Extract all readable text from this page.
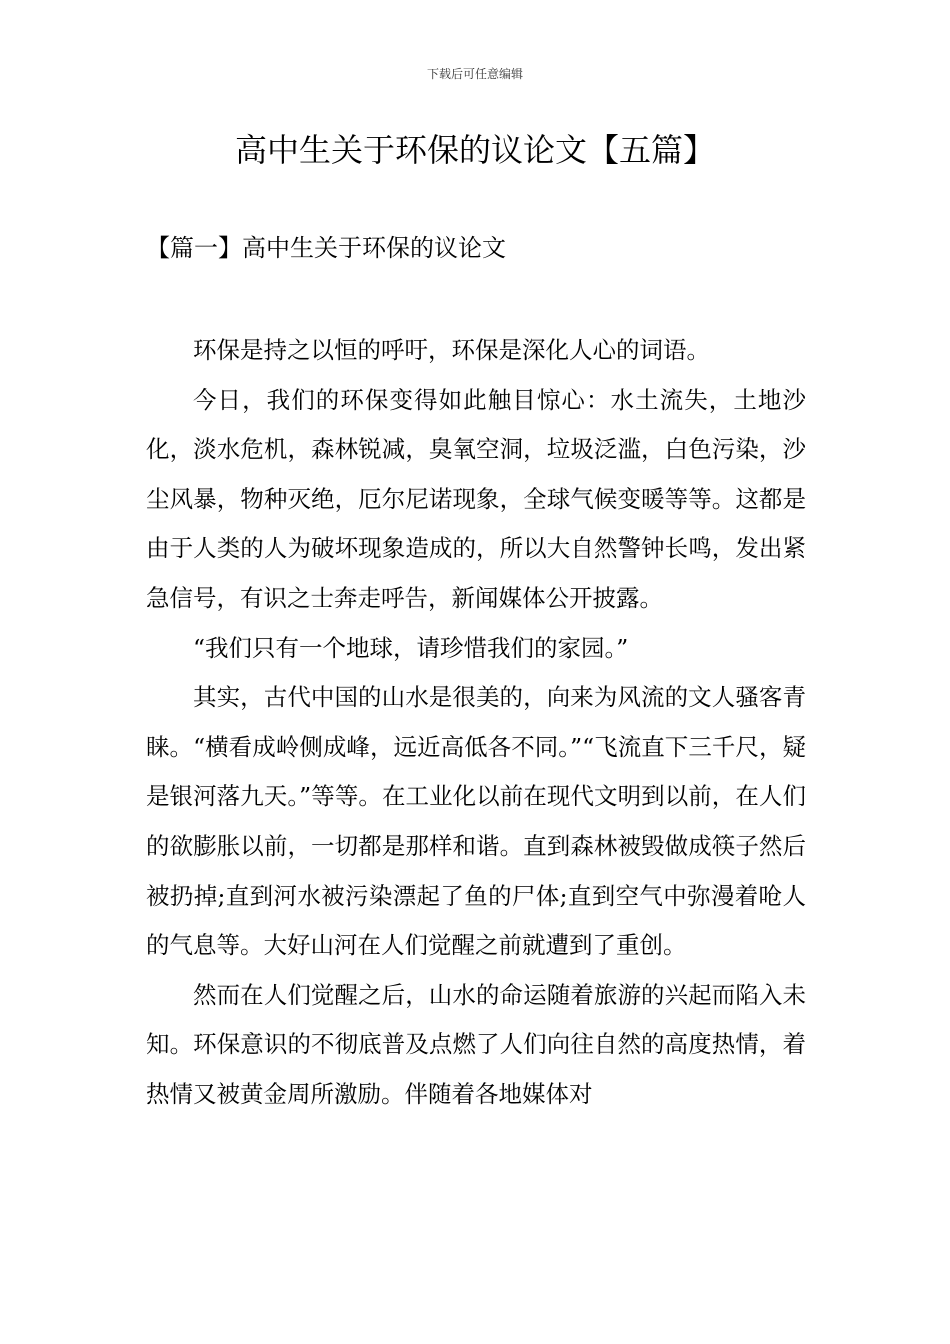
下载后可任意编辑
高中生关于环保的议论文【五篇】
【篇一】高中生关于环保的议论文

环保是持之以恒的呼吁，环保是深化人心的词语。

今日，我们的环保变得如此触目惊心：水土流失，土地沙化，淡水危机，森林锐减，臭氧空洞，垃圾泛滥，白色污染，沙尘风暴，物种灭绝，厄尔尼诺现象，全球气候变暖等等。这都是由于人类的人为破坏现象造成的，所以大自然警钟长鸣，发出紧急信号，有识之士奔走呼告，新闻媒体公开披露。

“我们只有一个地球，请珍惜我们的家园。”

其实，古代中国的山水是很美的，向来为风流的文人骚客青睐。“横看成岭侧成峰，远近高低各不同。”“飞流直下三千尺，疑是银河落九天。”等等。在工业化以前在现代文明到以前，在人们的欲膨胀以前，一切都是那样和谐。直到森林被毁做成筷子然后被扔掉;直到河水被污染漂起了鱼的尸体;直到空气中弥漫着呛人的气息等。大好山河在人们觉醒之前就遭到了重创。

然而在人们觉醒之后，山水的命运随着旅游的兴起而陷入未知。环保意识的不彻底普及点燃了人们向往自然的高度热情，着热情又被黄金周所激励。伴随着各地媒体对
